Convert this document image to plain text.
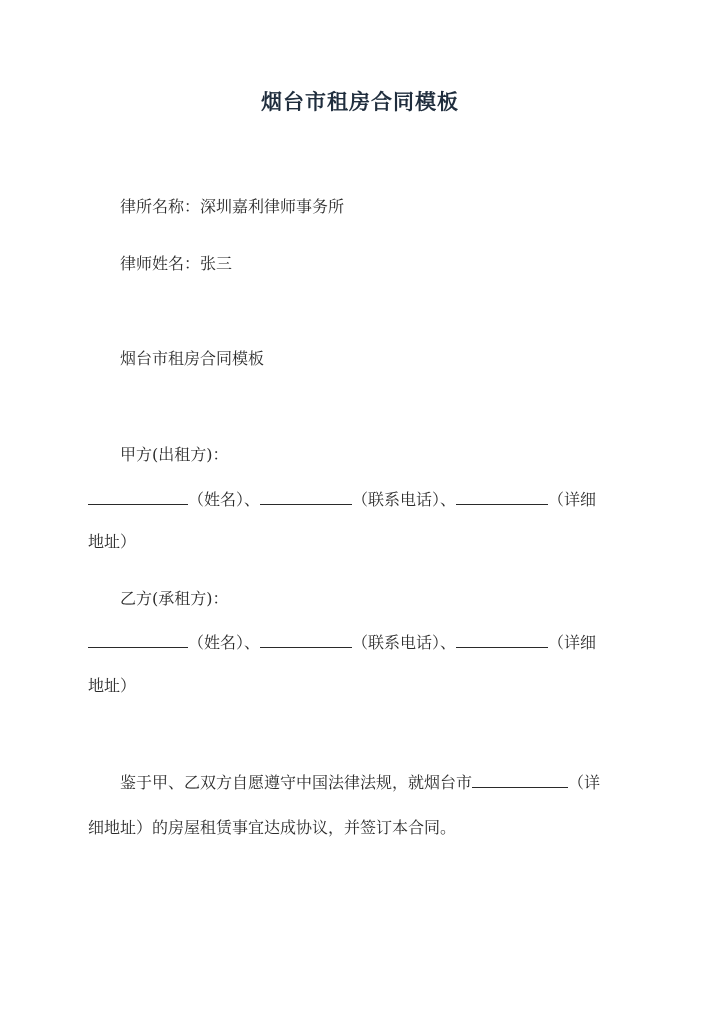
烟台市租房合同模板
律所名称：深圳嘉利律师事务所
律师姓名：张三
烟台市租房合同模板
甲方(出租方)：
（姓名）、	（联系电话）、	（详细
地址）
乙方(承租方)：
（姓名）、	（联系电话）、	（详细
地址）
鉴于甲、乙双方自愿遵守中国法律法规，就烟台市	（详
细地址）的房屋租赁事宜达成协议，并签订本合同。
